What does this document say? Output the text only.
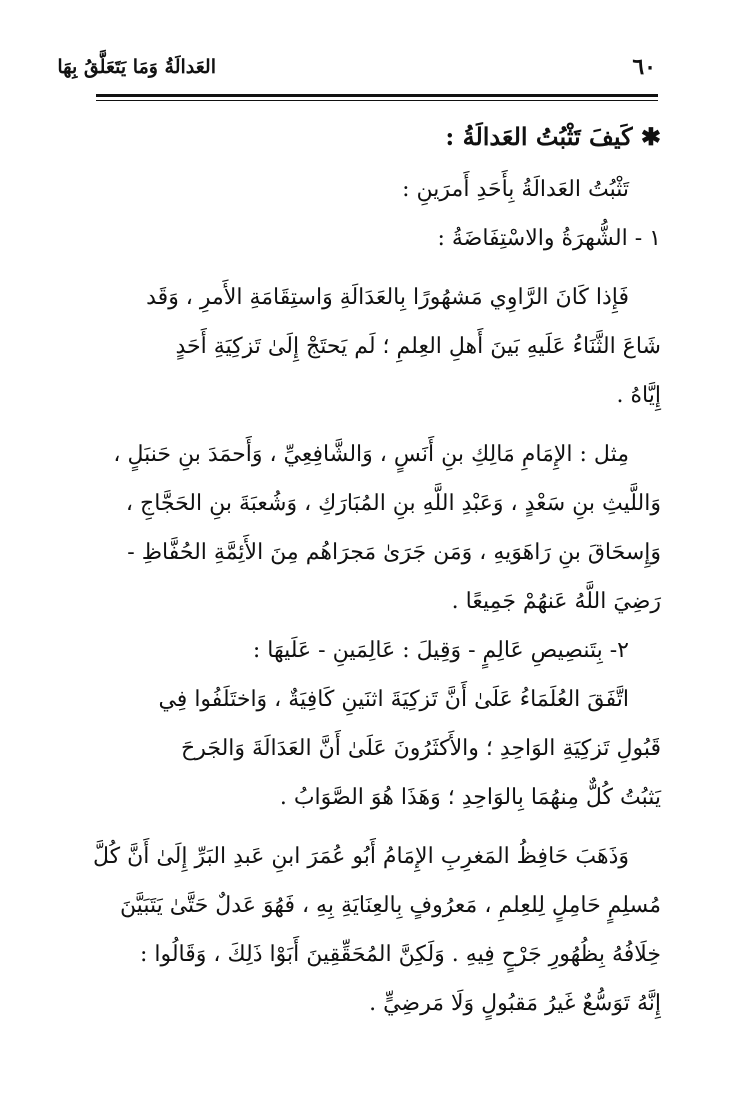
٦٠
العَدالَةُ وَمَا يَتَعَلَّقُ بِهَا
✱ كَيفَ تَثْبُتُ العَدالَةُ :
تَثْبُتُ العَدالَةُ بِأَحَدِ أَمرَينِ :
١ - الشُّهرَةُ والاسْتِفَاضَةُ :
فَإِذا كَانَ الرَّاوِي مَشهُورًا بِالعَدَالَةِ وَاستِقَامَةِ الأَمرِ ، وَقَد
شَاعَ الثَّنَاءُ عَلَيهِ بَينَ أَهلِ العِلمِ ؛ لَم يَحتَجْ إِلَىٰ تَزكِيَةِ أَحَدٍ
إِيَّاهُ .
مِثل : الإِمَامِ مَالِكِ بنِ أَنَسٍ ، وَالشَّافِعِيِّ ، وَأَحمَدَ بنِ حَنبَلٍ ،
وَاللَّيثِ بنِ سَعْدٍ ، وَعَبْدِ اللَّهِ بنِ المُبَارَكِ ، وَشُعبَةَ بنِ الحَجَّاجِ ،
وَإِسحَاقَ بنِ رَاهَوَيهِ ، وَمَن جَرَىٰ مَجرَاهُم مِنَ الأَئِمَّةِ الحُفَّاظِ -
رَضِيَ اللَّهُ عَنهُمْ جَمِيعًا .
٢- بِتَنصِيصِ عَالِمٍ - وَقِيلَ : عَالِمَينِ - عَلَيهَا :
اتَّفَقَ العُلَمَاءُ عَلَىٰ أَنَّ تَزكِيَةَ اثنَينِ كَافِيَةٌ ، وَاختَلَفُوا فِي
قَبُولِ تَزكِيَةِ الوَاحِدِ ؛ والأَكثَرُونَ عَلَىٰ أَنَّ العَدَالَةَ وَالجَرحَ
يَثبُتُ كُلٌّ مِنهُمَا بِالوَاحِدِ ؛ وَهَذَا هُوَ الصَّوَابُ .
وَذَهَبَ حَافِظُ المَغرِبِ الإِمَامُ أَبُو عُمَرَ ابنِ عَبدِ البَرِّ إِلَىٰ أَنَّ كُلَّ
مُسلِمٍ حَامِلٍ لِلعِلمِ ، مَعرُوفٍ بِالعِنَايَةِ بِهِ ، فَهُوَ عَدلٌ حَتَّىٰ يَتَبَيَّنَ
خِلَافُهُ بِظُهُورِ جَرْحٍ فِيهِ . وَلَكِنَّ المُحَقِّقِينَ أَبَوْا ذَلِكَ ، وَقَالُوا :
إِنَّهُ تَوَسُّعٌ غَيرُ مَقبُولٍ وَلَا مَرضِيٍّ .
